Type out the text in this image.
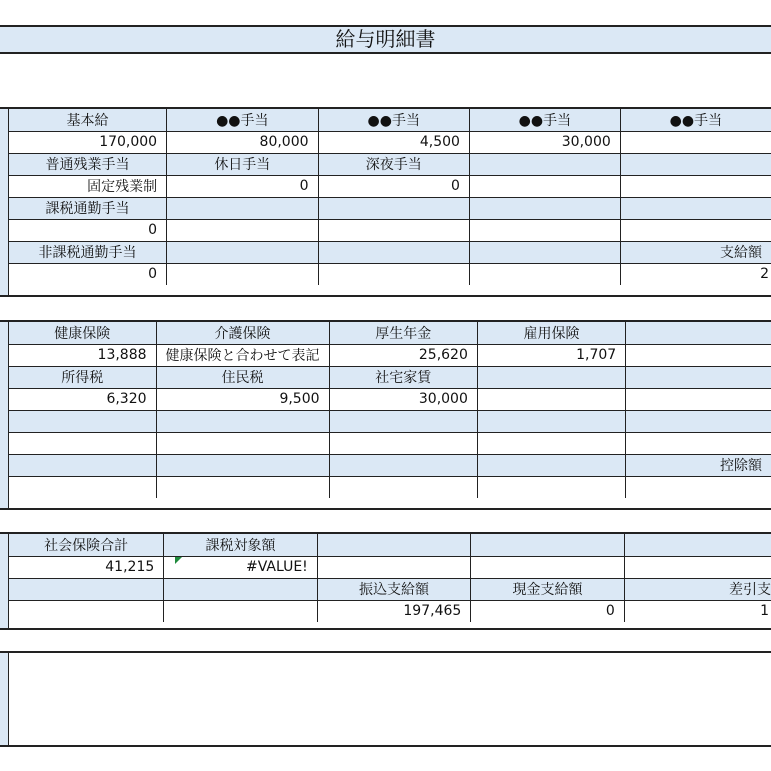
給与明細書
基本給	●●手当	●●手当	●●手当	●●手当
170,000	80,000	4,500	30,000	
普通残業手当	休日手当	深夜手当		
固定残業制	0	0		
課税通勤手当				
0				
非課税通勤手当				支給額
0				2
健康保険	介護保険	厚生年金	雇用保険	
13,888	健康保険と合わせて表記	25,620	1,707	
所得税	住民税	社宅家賃		
6,320	9,500	30,000		

				控除額

社会保険合計	課税対象額			
41,215	#VALUE!			
		振込支給額	現金支給額	差引支
		197,465	0	1
